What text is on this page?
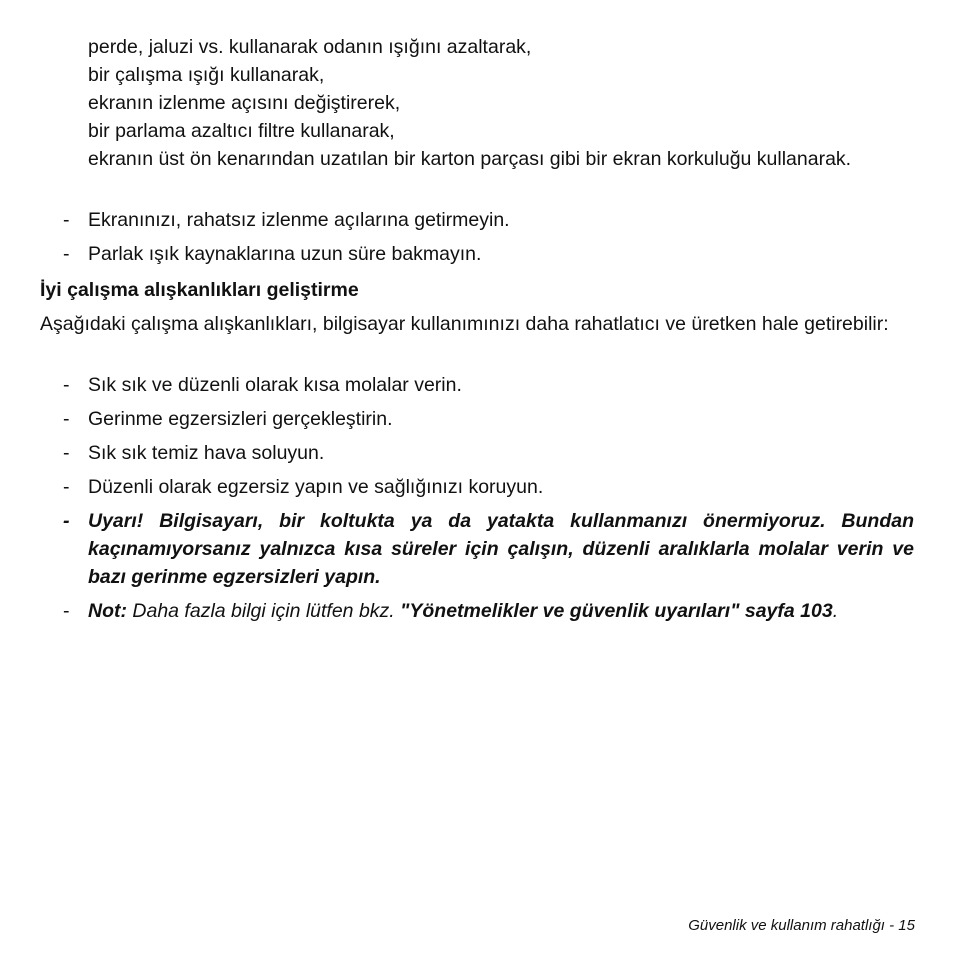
perde, jaluzi vs. kullanarak odanın ışığını azaltarak,
bir çalışma ışığı kullanarak,
ekranın izlenme açısını değiştirerek,
bir parlama azaltıcı filtre kullanarak,
ekranın üst ön kenarından uzatılan bir karton parçası gibi bir ekran korkuluğu kullanarak.
- Ekranınızı, rahatsız izlenme açılarına getirmeyin.
- Parlak ışık kaynaklarına uzun süre bakmayın.
İyi çalışma alışkanlıkları geliştirme
Aşağıdaki çalışma alışkanlıkları, bilgisayar kullanımınızı daha rahatlatıcı ve üretken hale getirebilir:
- Sık sık ve düzenli olarak kısa molalar verin.
- Gerinme egzersizleri gerçekleştirin.
- Sık sık temiz hava soluyun.
- Düzenli olarak egzersiz yapın ve sağlığınızı koruyun.
- Uyarı! Bilgisayarı, bir koltukta ya da yatakta kullanmanızı önermiyoruz. Bundan kaçınamıyorsanız yalnızca kısa süreler için çalışın, düzenli aralıklarla molalar verin ve bazı gerinme egzersizleri yapın.
- Not: Daha fazla bilgi için lütfen bkz. "Yönetmelikler ve güvenlik uyarıları" sayfa 103.
Güvenlik ve kullanım rahatlığı - 15
